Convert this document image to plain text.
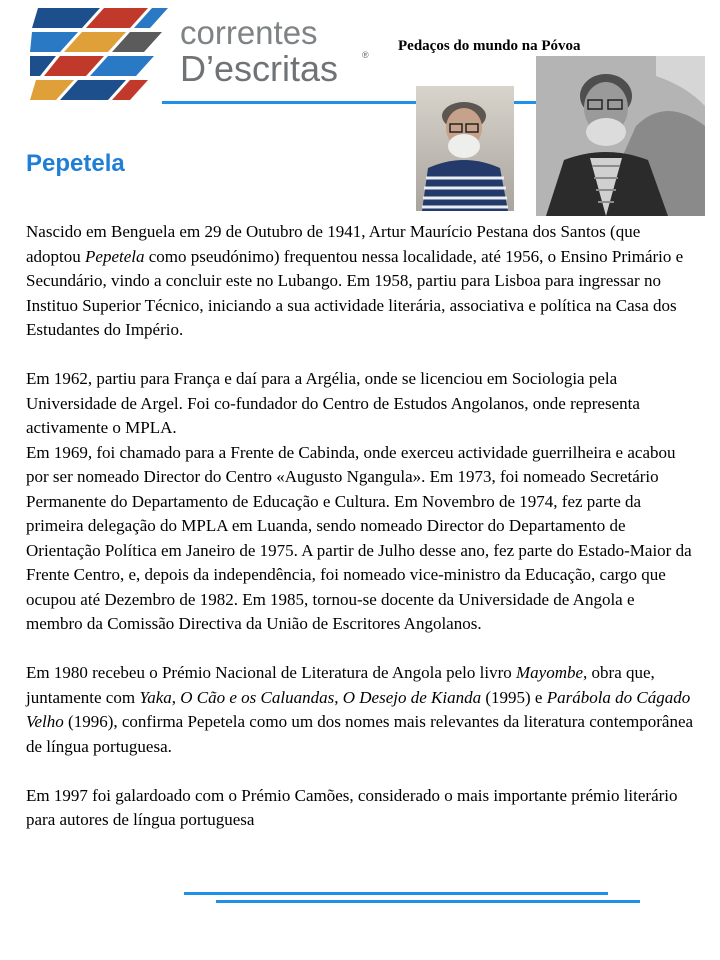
correntes
D’escritas	®
Pedaços do mundo na Póvoa
Pepetela

Nascido em Benguela em 29 de Outubro de 1941, Artur Maurício Pestana dos Santos (que adoptou Pepetela como pseudónimo) frequentou nessa localidade, até 1956, o Ensino Primário e Secundário, vindo a concluir este no Lubango. Em 1958, partiu para Lisboa para ingressar no Instituo Superior Técnico, iniciando a sua actividade literária, associativa e política na Casa dos Estudantes do Império.

Em 1962, partiu para França e daí para a Argélia, onde se licenciou em Sociologia pela Universidade de Argel. Foi co-fundador do Centro de Estudos Angolanos, onde representa activamente o MPLA.

Em 1969, foi chamado para a Frente de Cabinda, onde exerceu actividade guerrilheira e acabou por ser nomeado Director do Centro «Augusto Ngangula». Em 1973, foi nomeado Secretário Permanente do Departamento de Educação e Cultura. Em Novembro de 1974, fez parte da primeira delegação do MPLA em Luanda, sendo nomeado Director do Departamento de Orientação Política em Janeiro de 1975. A partir de Julho desse ano, fez parte do Estado-Maior da Frente Centro, e, depois da independência, foi nomeado vice-ministro da Educação, cargo que ocupou até Dezembro de 1982. Em 1985, tornou-se docente da Universidade de Angola e membro da Comissão Directiva da União de Escritores Angolanos.

Em 1980 recebeu o Prémio Nacional de Literatura de Angola pelo livro Mayombe, obra que, juntamente com Yaka, O Cão e os Caluandas, O Desejo de Kianda (1995) e Parábola do Cágado Velho (1996), confirma Pepetela como um dos nomes mais relevantes da literatura contemporânea de língua portuguesa.

Em 1997 foi galardoado com o Prémio Camões, considerado o mais importante prémio literário para autores de língua portuguesa
